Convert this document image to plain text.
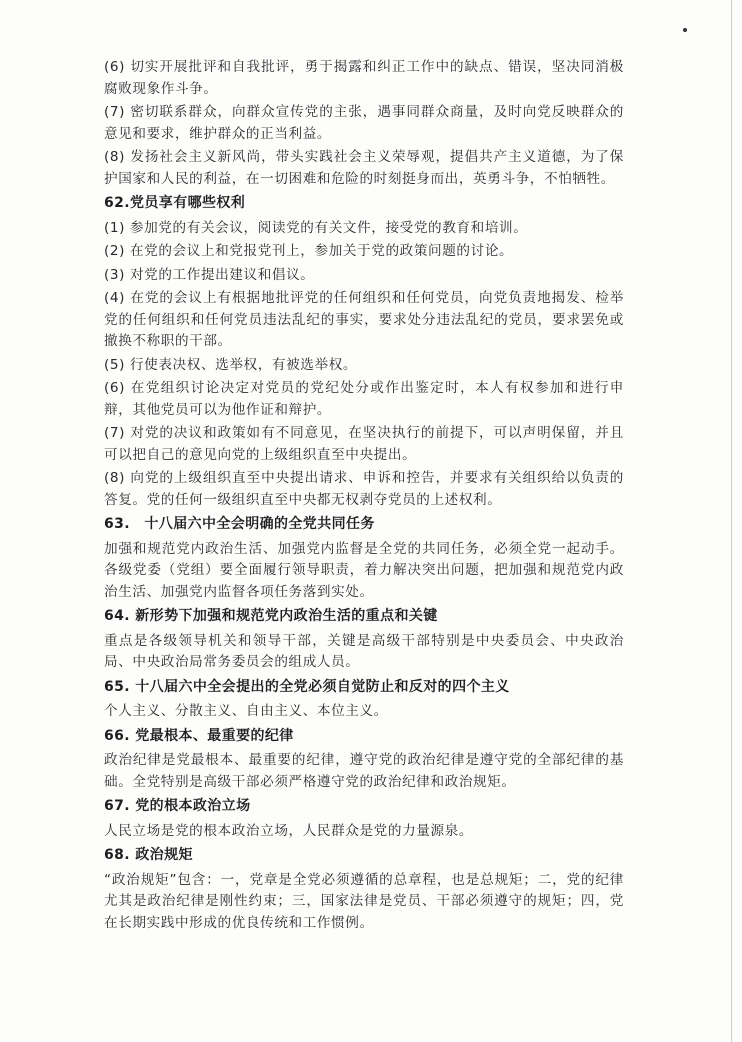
(6) 切实开展批评和自我批评，勇于揭露和纠正工作中的缺点、错误，坚决同消极腐败现象作斗争。

(7) 密切联系群众，向群众宣传党的主张，遇事同群众商量，及时向党反映群众的意见和要求，维护群众的正当利益。

(8) 发扬社会主义新风尚，带头实践社会主义荣辱观，提倡共产主义道德，为了保护国家和人民的利益，在一切困难和危险的时刻挺身而出，英勇斗争，不怕牺牲。

62.党员享有哪些权利

(1) 参加党的有关会议，阅读党的有关文件，接受党的教育和培训。

(2) 在党的会议上和党报党刊上，参加关于党的政策问题的讨论。

(3) 对党的工作提出建议和倡议。

(4) 在党的会议上有根据地批评党的任何组织和任何党员，向党负责地揭发、检举党的任何组织和任何党员违法乱纪的事实，要求处分违法乱纪的党员，要求罢免或撤换不称职的干部。

(5) 行使表决权、选举权，有被选举权。

(6) 在党组织讨论决定对党员的党纪处分或作出鉴定时，本人有权参加和进行申辩，其他党员可以为他作证和辩护。

(7) 对党的决议和政策如有不同意见，在坚决执行的前提下，可以声明保留，并且可以把自己的意见向党的上级组织直至中央提出。

(8) 向党的上级组织直至中央提出请求、申诉和控告，并要求有关组织给以负责的答复。党的任何一级组织直至中央都无权剥夺党员的上述权利。

63.　十八届六中全会明确的全党共同任务

加强和规范党内政治生活、加强党内监督是全党的共同任务，必须全党一起动手。各级党委（党组）要全面履行领导职责，着力解决突出问题，把加强和规范党内政治生活、加强党内监督各项任务落到实处。

64. 新形势下加强和规范党内政治生活的重点和关键

重点是各级领导机关和领导干部，关键是高级干部特别是中央委员会、中央政治局、中央政治局常务委员会的组成人员。

65. 十八届六中全会提出的全党必须自觉防止和反对的四个主义

个人主义、分散主义、自由主义、本位主义。

66. 党最根本、最重要的纪律

政治纪律是党最根本、最重要的纪律，遵守党的政治纪律是遵守党的全部纪律的基础。全党特别是高级干部必须严格遵守党的政治纪律和政治规矩。

67. 党的根本政治立场

人民立场是党的根本政治立场，人民群众是党的力量源泉。

68. 政治规矩

“政治规矩”包含：一，党章是全党必须遵循的总章程，也是总规矩；二，党的纪律尤其是政治纪律是刚性约束；三，国家法律是党员、干部必须遵守的规矩；四，党在长期实践中形成的优良传统和工作惯例。
